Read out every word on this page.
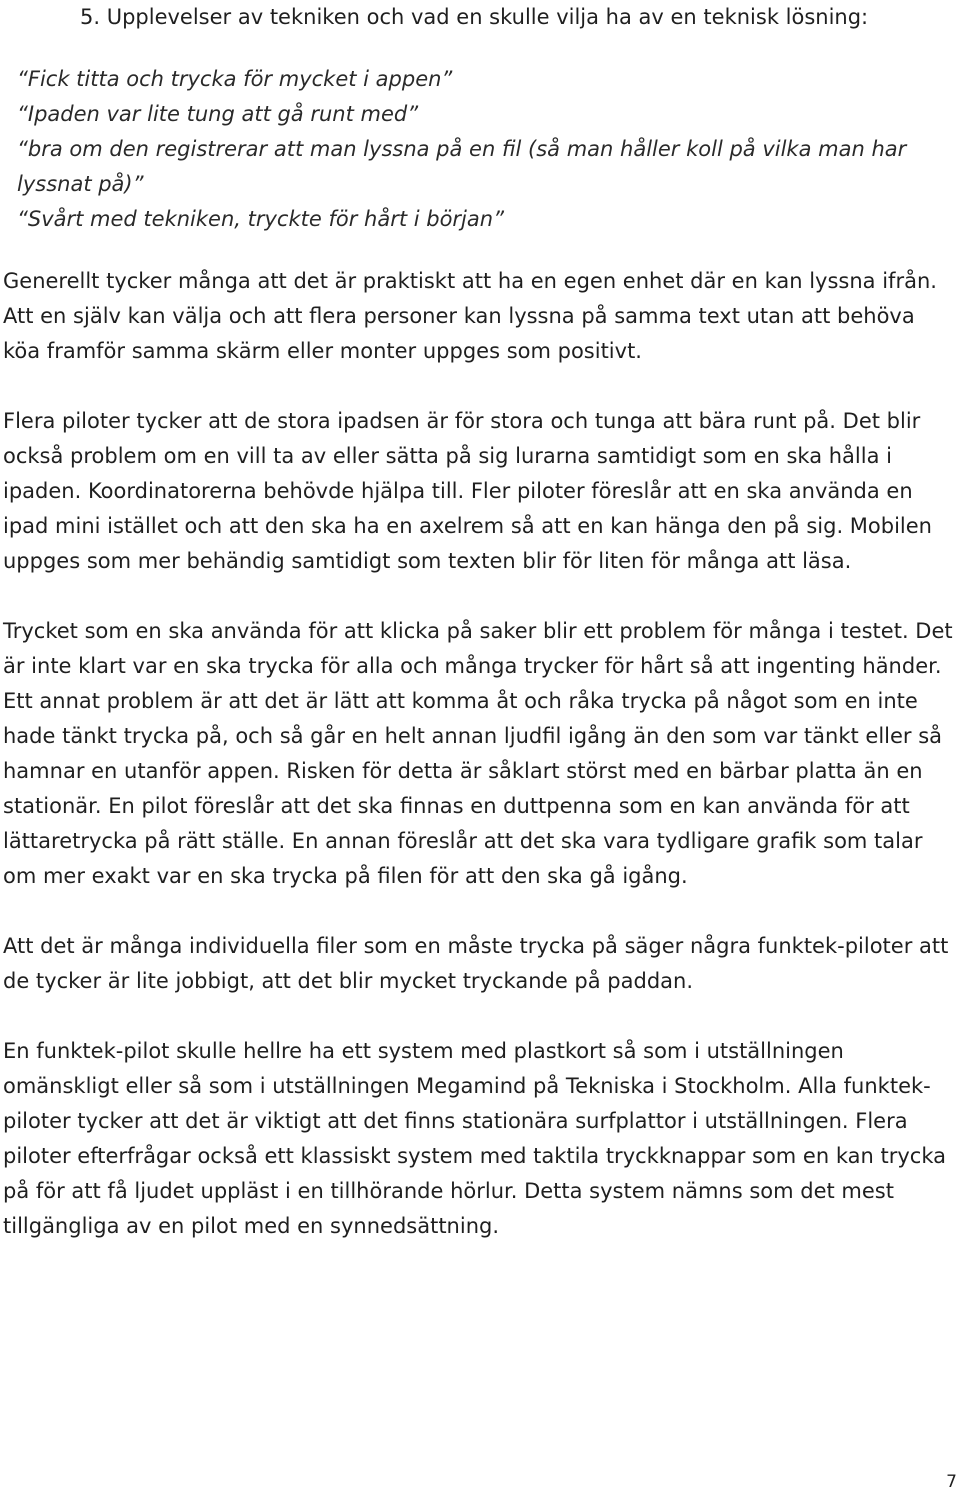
5. Upplevelser av tekniken och vad en skulle vilja ha av en teknisk lösning:
“Fick titta och trycka för mycket i appen”
“Ipaden var lite tung att gå runt med”
“bra om den registrerar att man lyssna på en fil (så man håller koll på vilka man har lyssnat på)”
“Svårt med tekniken, tryckte för hårt i början”

Generellt tycker många att det är praktiskt att ha en egen enhet där en kan lyssna ifrån. Att en själv kan välja och att flera personer kan lyssna på samma text utan att behöva köa framför samma skärm eller monter uppges som positivt.

Flera piloter tycker att de stora ipadsen är för stora och tunga att bära runt på. Det blir också problem om en vill ta av eller sätta på sig lurarna samtidigt som en ska hålla i ipaden. Koordinatorerna behövde hjälpa till. Fler piloter föreslår att en ska använda en ipad mini istället och att den ska ha en axelrem så att en kan hänga den på sig. Mobilen uppges som mer behändig samtidigt som texten blir för liten för många att läsa.

Trycket som en ska använda för att klicka på saker blir ett problem för många i testet. Det är inte klart var en ska trycka för alla och många trycker för hårt så att ingenting händer. Ett annat problem är att det är lätt att komma åt och råka trycka på något som en inte hade tänkt trycka på, och så går en helt annan ljudfil igång än den som var tänkt eller så hamnar en utanför appen. Risken för detta är såklart störst med en bärbar platta än en stationär. En pilot föreslår att det ska finnas en duttpenna som en kan använda för att lättaretrycka på rätt ställe. En annan föreslår att det ska vara tydligare grafik som talar om mer exakt var en ska trycka på filen för att den ska gå igång.

Att det är många individuella filer som en måste trycka på säger några funktek-piloter att de tycker är lite jobbigt, att det blir mycket tryckande på paddan.

En funktek-pilot skulle hellre ha ett system med plastkort så som i utställningen omänskligt eller så som i utställningen Megamind på Tekniska i Stockholm. Alla funktek-piloter tycker att det är viktigt att det finns stationära surfplattor i utställningen. Flera piloter efterfrågar också ett klassiskt system med taktila tryckknappar som en kan trycka på för att få ljudet uppläst i en tillhörande hörlur. Detta system nämns som det mest tillgängliga av en pilot med en synnedsättning.

7
